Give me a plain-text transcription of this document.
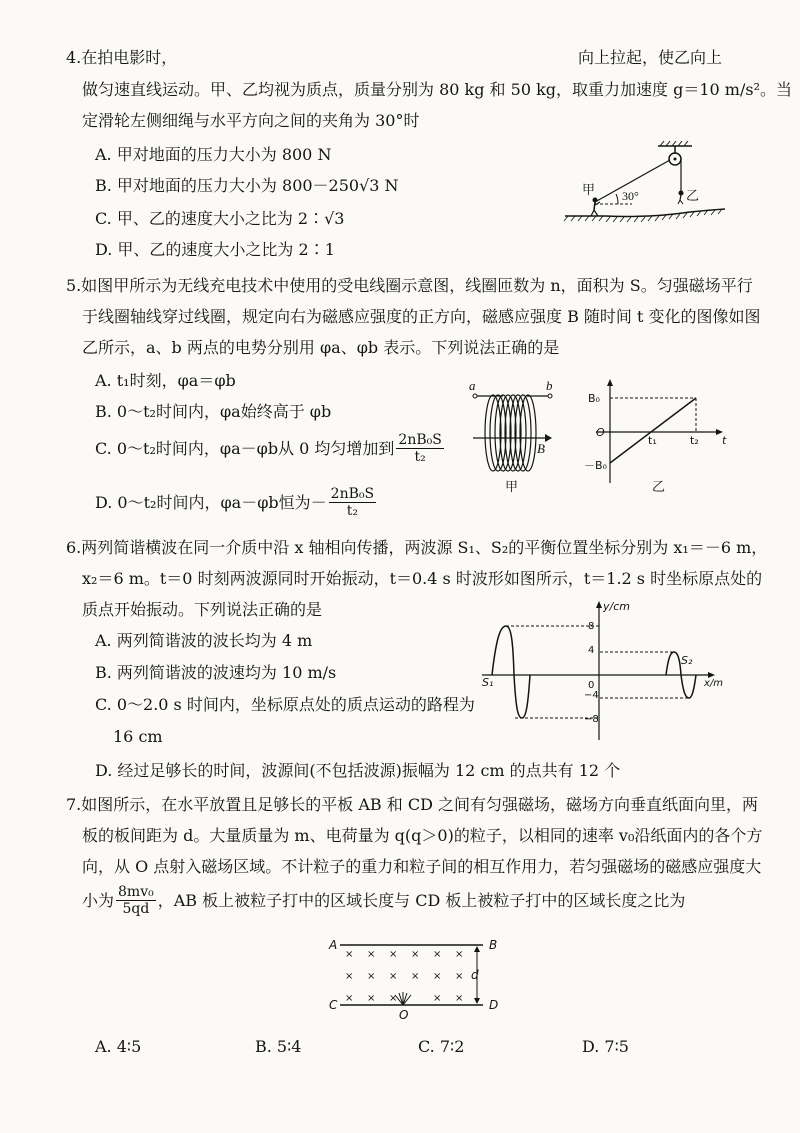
4.在拍电影时，	向上拉起，使乙向上
做匀速直线运动。甲、乙均视为质点，质量分别为 80 kg 和 50 kg，取重力加速度 g＝10 m/s²。当
定滑轮左侧细绳与水平方向之间的夹角为 30°时
A. 甲对地面的压力大小为 800 N
B. 甲对地面的压力大小为 800－250√3 N
C. 甲、乙的速度大小之比为 2∶√3
D. 甲、乙的速度大小之比为 2∶1
30°
甲	乙
5.如图甲所示为无线充电技术中使用的受电线圈示意图，线圈匝数为 n，面积为 S。匀强磁场平行
于线圈轴线穿过线圈，规定向右为磁感应强度的正方向，磁感应强度 B 随时间 t 变化的图像如图
乙所示，a、b 两点的电势分别用 φa、φb 表示。下列说法正确的是
A. t₁时刻，φa＝φb
B. 0～t₂时间内，φa始终高于 φb
C. 0～t₂时间内，φa－φb从 0 均匀增加到 $\frac{\text{2nB₀S}}{\text{t₂}}$
D. 0～t₂时间内，φa－φb恒为－ $\frac{\text{2nB₀S}}{\text{t₂}}$
a	b
B
甲
B₀
O
－B₀
t₁	t₂ t
乙
6.两列简谐横波在同一介质中沿 x 轴相向传播，两波源 S₁、S₂的平衡位置坐标分别为 x₁＝－6 m，
x₂＝6 m。t＝0 时刻两波源同时开始振动，t＝0.4 s 时波形如图所示，t＝1.2 s 时坐标原点处的
质点开始振动。下列说法正确的是
A. 两列简谐波的波长均为 4 m
B. 两列简谐波的波速均为 10 m/s
C. 0～2.0 s 时间内，坐标原点处的质点运动的路程为
16 cm
D. 经过足够长的时间，波源间(不包括波源)振幅为 12 cm 的点共有 12 个
y/cm
x/m
8
4
0
−4
−8
S₁
S₂
7.如图所示，在水平放置且足够长的平板 AB 和 CD 之间有匀强磁场，磁场方向垂直纸面向里，两
板的板间距为 d。大量质量为 m、电荷量为 q(q＞0)的粒子，以相同的速率 v₀沿纸面内的各个方
向，从 O 点射入磁场区域。不计粒子的重力和粒子间的相互作用力，若匀强磁场的磁感应强度大
小为 $\frac{\text{8mv₀}}{5qd}$ ，AB 板上被粒子打中的区域长度与 CD 板上被粒子打中的区域长度之比为
A	B
C	D
d
× × × × × ×
× × × × × ×
× × ×	× ×
O
A. 4∶5	B. 5∶4	C. 7∶2	D. 7∶5
